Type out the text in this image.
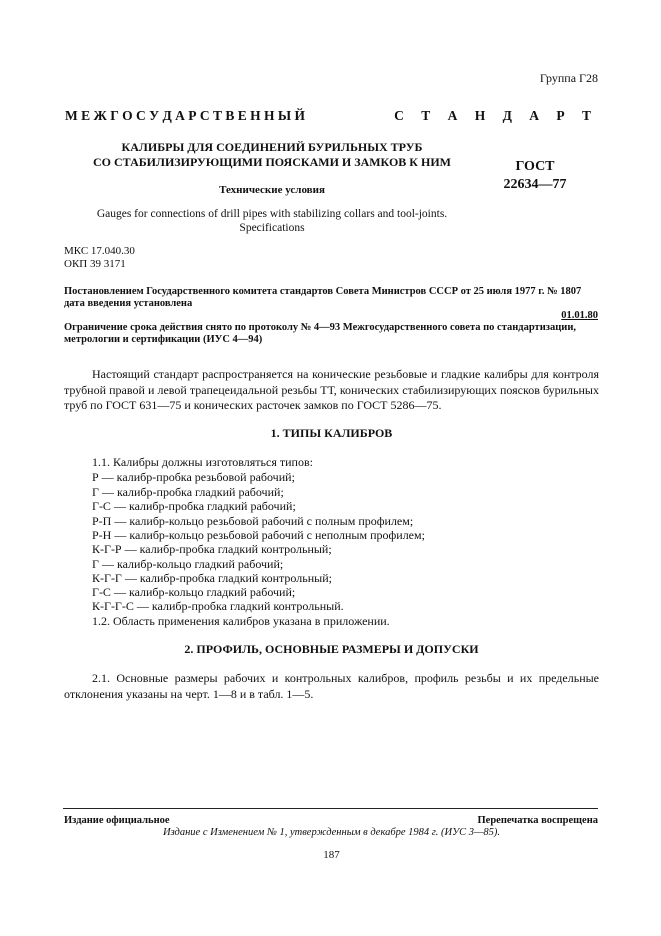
Группа Г28
М Е Ж Г О С У Д А Р С Т В Е Н Н Ы Й	С Т А Н Д А Р Т
КАЛИБРЫ ДЛЯ СОЕДИНЕНИЙ БУРИЛЬНЫХ ТРУБ
СО СТАБИЛИЗИРУЮЩИМИ ПОЯСКАМИ И ЗАМКОВ К НИМ
Технические условия
ГОСТ
22634—77
Gauges for connections of drill pipes with stabilizing collars and tool-joints.
Specifications
МКС 17.040.30
ОКП 39 3171
Постановлением Государственного комитета стандартов Совета Министров СССР от 25 июля 1977 г. № 1807 дата введения установлена
01.01.80
Ограничение срока действия снято по протоколу № 4—93 Межгосударственного совета по стандартизации, метрологии и сертификации (ИУС 4—94)
Настоящий стандарт распространяется на конические резьбовые и гладкие калибры для контроля трубной правой и левой трапецеидальной резьбы ТТ, конических стабилизирующих поясков бурильных труб по ГОСТ 631—75 и конических расточек замков по ГОСТ 5286—75.
1. ТИПЫ КАЛИБРОВ
1.1. Калибры должны изготовляться типов:
Р — калибр-пробка резьбовой рабочий;
Г — калибр-пробка гладкий рабочий;
Г-С — калибр-пробка гладкий рабочий;
Р-П — калибр-кольцо резьбовой рабочий с полным профилем;
Р-Н — калибр-кольцо резьбовой рабочий с неполным профилем;
К-Г-Р — калибр-пробка гладкий контрольный;
Г — калибр-кольцо гладкий рабочий;
К-Г-Г — калибр-пробка гладкий контрольный;
Г-С — калибр-кольцо гладкий рабочий;
К-Г-Г-С — калибр-пробка гладкий контрольный.
1.2. Область применения калибров указана в приложении.
2. ПРОФИЛЬ, ОСНОВНЫЕ РАЗМЕРЫ И ДОПУСКИ
2.1. Основные размеры рабочих и контрольных калибров, профиль резьбы и их предельные отклонения указаны на черт. 1—8 и в табл. 1—5.
Издание официальное	Перепечатка воспрещена
Издание с Изменением № 1, утвержденным в декабре 1984 г. (ИУС 3—85).
187
